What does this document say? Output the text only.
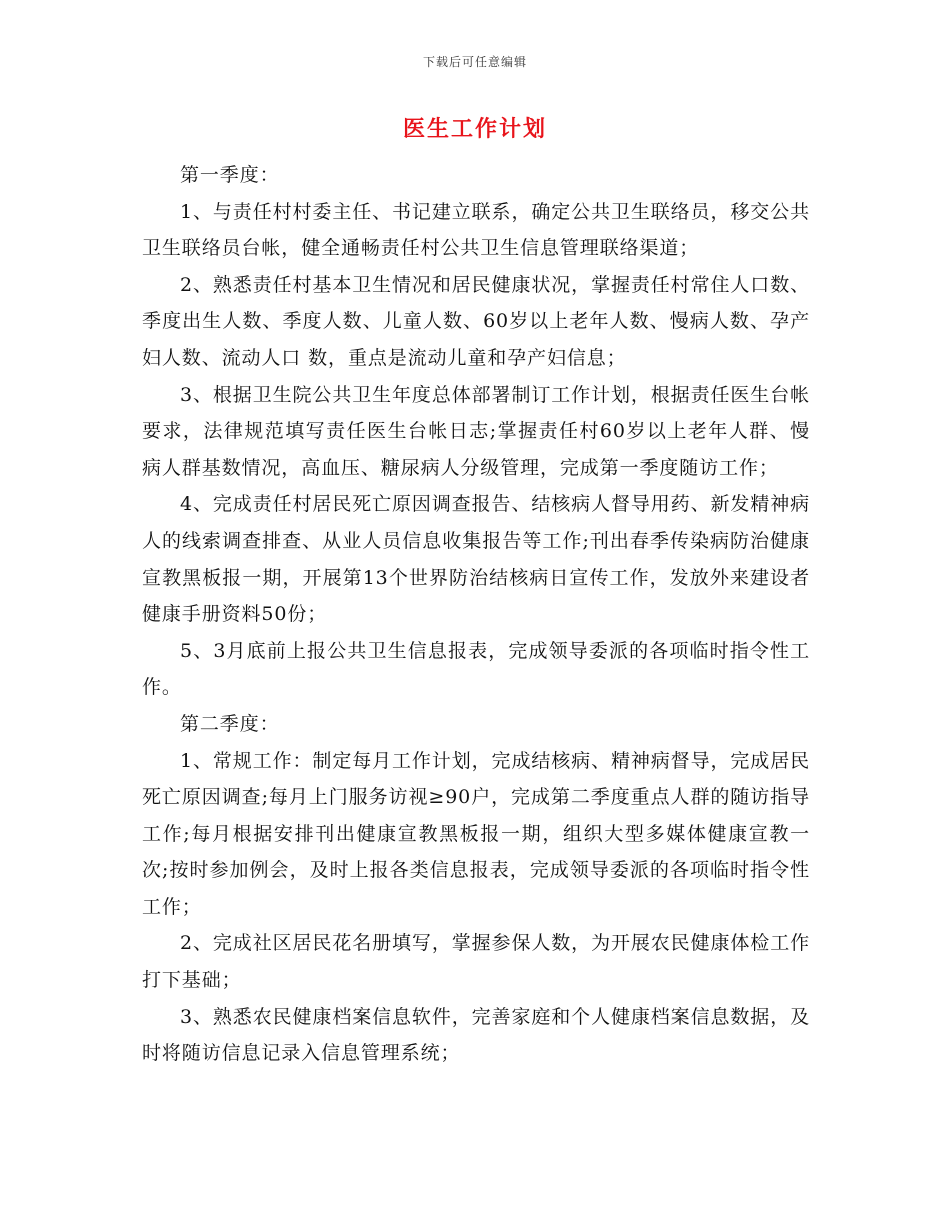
下载后可任意编辑
医生工作计划

第一季度：

1、与责任村村委主任、书记建立联系，确定公共卫生联络员，移交公共卫生联络员台帐，健全通畅责任村公共卫生信息管理联络渠道；

2、熟悉责任村基本卫生情况和居民健康状况，掌握责任村常住人口数、季度出生人数、季度人数、儿童人数、60岁以上老年人数、慢病人数、孕产妇人数、流动人口 数，重点是流动儿童和孕产妇信息；

3、根据卫生院公共卫生年度总体部署制订工作计划，根据责任医生台帐要求，法律规范填写责任医生台帐日志;掌握责任村60岁以上老年人群、慢病人群基数情况，高血压、糖尿病人分级管理，完成第一季度随访工作；

4、完成责任村居民死亡原因调查报告、结核病人督导用药、新发精神病人的线索调查排查、从业人员信息收集报告等工作;刊出春季传染病防治健康宣教黑板报一期，开展第13个世界防治结核病日宣传工作，发放外来建设者健康手册资料50份；

5、3月底前上报公共卫生信息报表，完成领导委派的各项临时指令性工作。

第二季度：

1、常规工作：制定每月工作计划，完成结核病、精神病督导，完成居民死亡原因调查;每月上门服务访视≥90户，完成第二季度重点人群的随访指导工作;每月根据安排刊出健康宣教黑板报一期，组织大型多媒体健康宣教一次;按时参加例会，及时上报各类信息报表，完成领导委派的各项临时指令性工作；

2、完成社区居民花名册填写，掌握参保人数，为开展农民健康体检工作打下基础；

3、熟悉农民健康档案信息软件，完善家庭和个人健康档案信息数据，及时将随访信息记录入信息管理系统；
